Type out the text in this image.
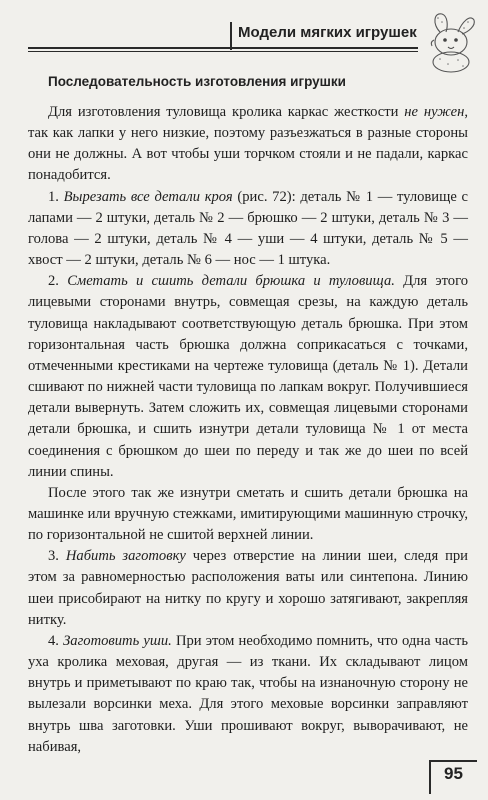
Модели мягких игрушек
Последовательность изготовления игрушки

Для изготовления туловища кролика каркас жесткости не нужен, так как лапки у него низкие, поэтому разъезжаться в разные стороны они не должны. А вот чтобы уши торчком стояли и не падали, каркас понадобится.

1. Вырезать все детали кроя (рис. 72): деталь № 1 — туловище с лапами — 2 штуки, деталь № 2 — брюшко — 2 штуки, деталь № 3 — голова — 2 штуки, деталь № 4 — уши — 4 штуки, деталь № 5 — хвост — 2 штуки, деталь № 6 — нос — 1 штука.

2. Сметать и сшить детали брюшка и туловища. Для этого лицевыми сторонами внутрь, совмещая срезы, на каждую деталь туловища накладывают соответствующую деталь брюшка. При этом горизонтальная часть брюшка должна соприкасаться с точками, отмеченными крестиками на чертеже туловища (деталь № 1). Детали сшивают по нижней части туловища по лапкам вокруг. Получившиеся детали вывернуть. Затем сложить их, совмещая лицевыми сторонами детали брюшка, и сшить изнутри детали туловища № 1 от места соединения с брюшком до шеи по переду и так же до шеи по всей линии спины.

После этого так же изнутри сметать и сшить детали брюшка на машинке или вручную стежками, имитирующими машинную строчку, по горизонтальной не сшитой верхней линии.

3. Набить заготовку через отверстие на линии шеи, следя при этом за равномерностью расположения ваты или синтепона. Линию шеи присобирают на нитку по кругу и хорошо затягивают, закрепляя нитку.

4. Заготовить уши. При этом необходимо помнить, что одна часть уха кролика меховая, другая — из ткани. Их складывают лицом внутрь и приметывают по краю так, чтобы на изнаночную сторону не вылезали ворсинки меха. Для этого меховые ворсинки заправляют внутрь шва заготовки. Уши прошивают вокруг, выворачивают, не набивая,

95
